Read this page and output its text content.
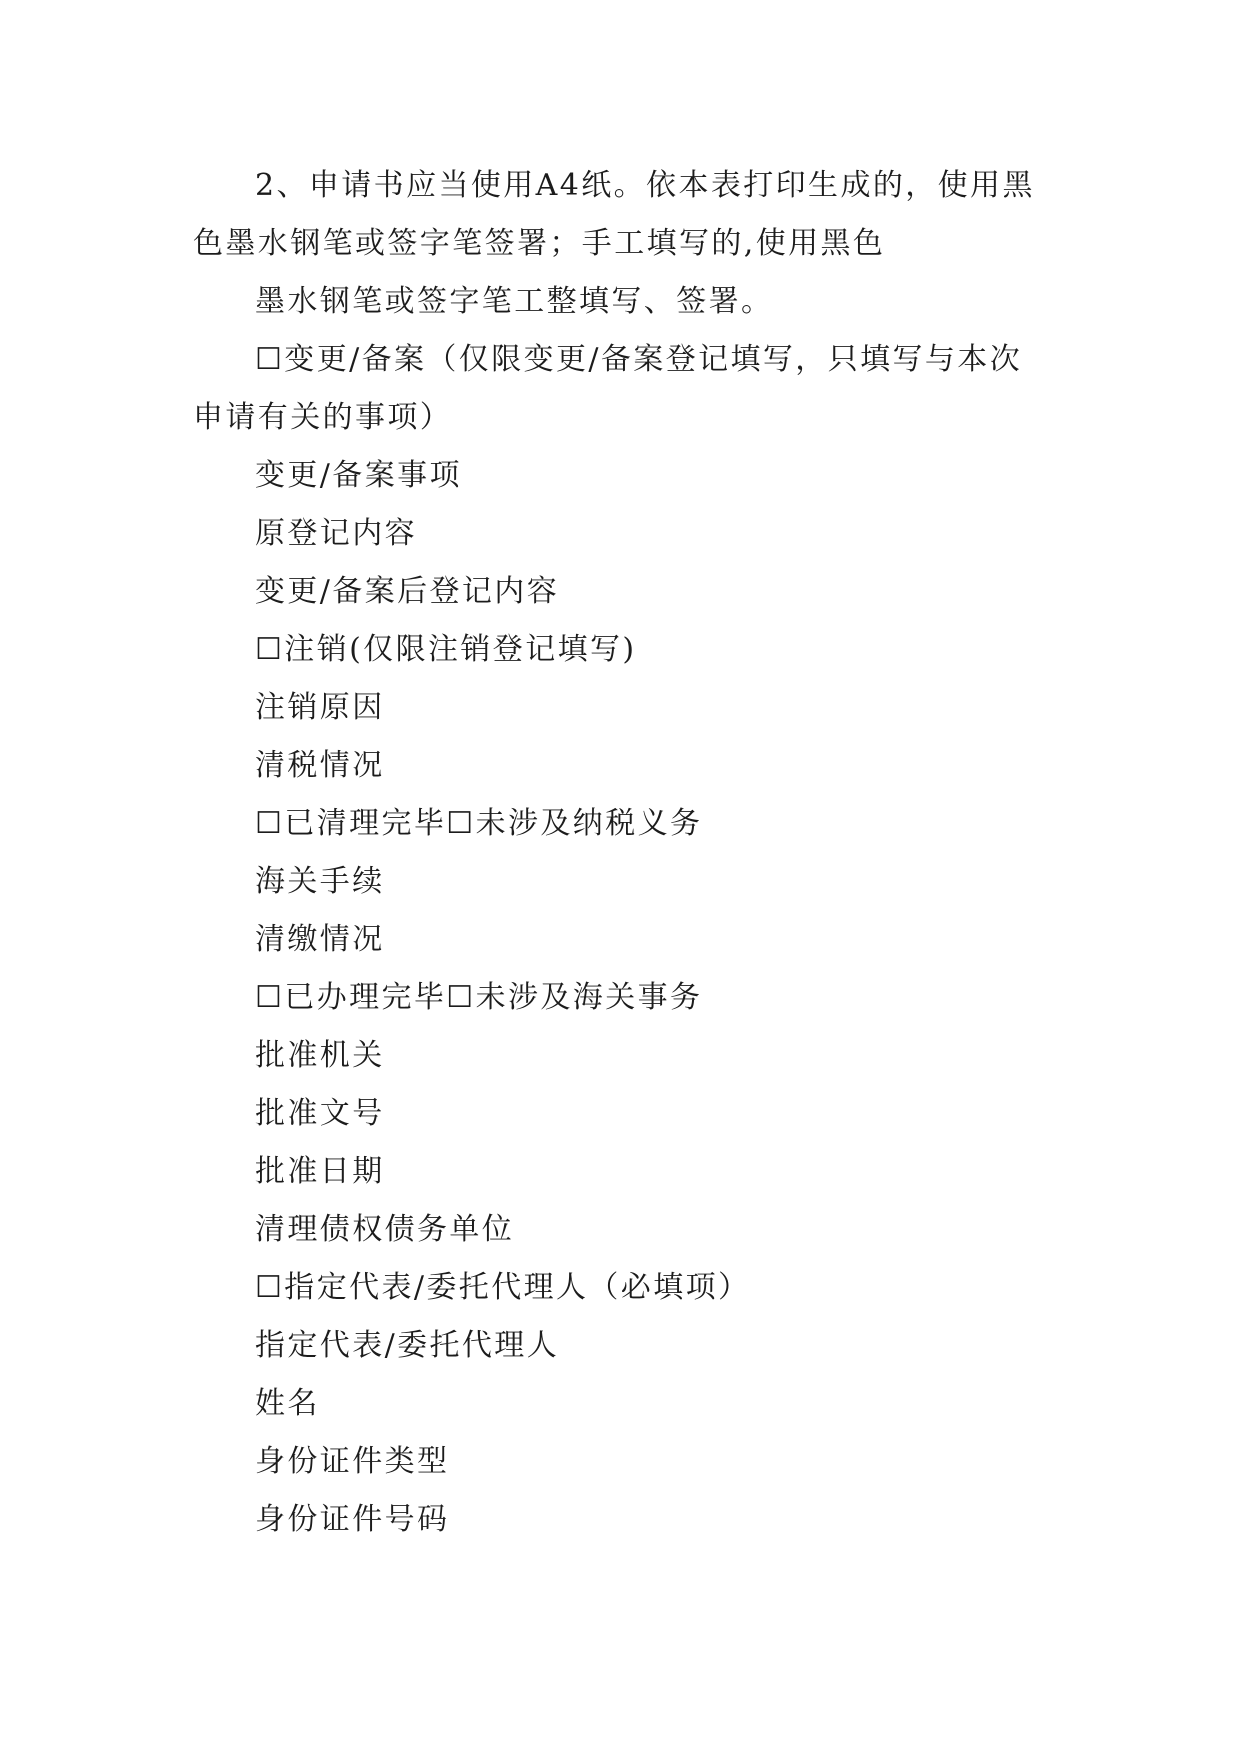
2、申请书应当使用A4纸。依本表打印生成的，使用黑
色墨水钢笔或签字笔签署；手工填写的,使用黑色
墨水钢笔或签字笔工整填写、签署。
☐变更/备案（仅限变更/备案登记填写，只填写与本次
申请有关的事项）
变更/备案事项
原登记内容
变更/备案后登记内容
☐注销(仅限注销登记填写)
注销原因
清税情况
☐已清理完毕☐未涉及纳税义务
海关手续
清缴情况
☐已办理完毕☐未涉及海关事务
批准机关
批准文号
批准日期
清理债权债务单位
☐指定代表/委托代理人（必填项）
指定代表/委托代理人
姓名
身份证件类型
身份证件号码
